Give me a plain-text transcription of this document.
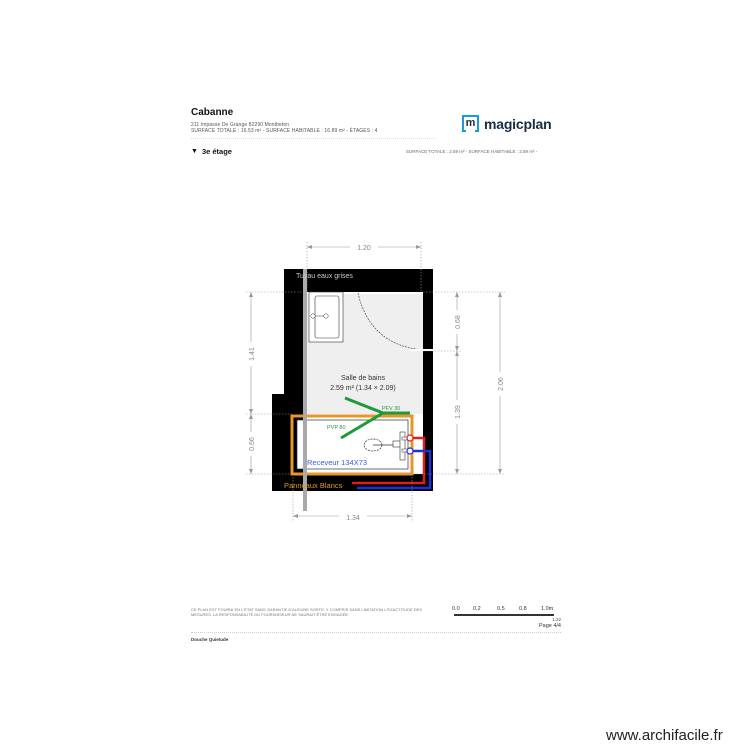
Cabanne
211 Impasse De Grange 82290 Montbeton
SURFACE TOTALE : 16.53 m² - SURFACE HABITABLE : 16.89 m² - ÉTAGES : 4
m magicplan
▼ 3e étage	SURFACE TOTALE : 2.59 m² - SURFACE HABITABLE : 2.59 m² -
Tuyau eaux grises
Salle de bains
2.59 m² (1.34 × 2.09)
PFV 30
PVP 80
Receveur 134X73
Panneaux Blancs
1.20
1.34
1.41
0.66
0.68
1.39
2.06
CE PLAN EST FOURNI EN L'ÉTAT SANS GARANTIE D'AUCUNE SORTE, Y COMPRIS SANS LIMITATION L'EXACTITUDE DES MESURES. LA RESPONSABILITÉ DU FOURNISSEUR NE SAURAIT ÊTRE ENGAGÉE.
0.0 0.2	0.5	0.8	1.0m
1:22
Page 4/4
Douche Quietude
www.archifacile.fr
